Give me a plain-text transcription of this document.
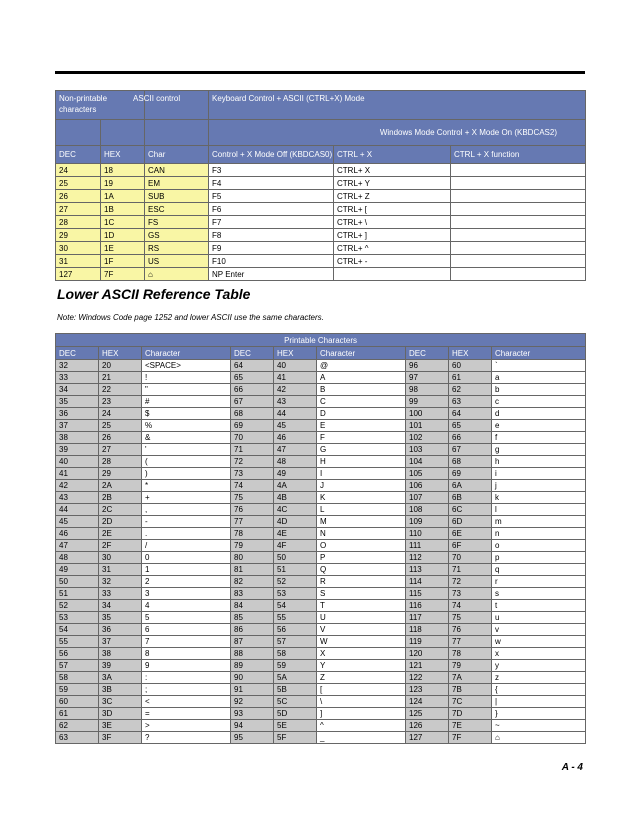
Non-printable characters		ASCII control	Keyboard Control + ASCII (CTRL+X) Mode		
			Windows Mode Control + X Mode On (KBDCAS2)		
DEC	HEX	Char	Control + X Mode Off (KBDCAS0)	CTRL + X	CTRL + X function
24	18	CAN	F3	CTRL+ X	
25	19	EM	F4	CTRL+ Y	
26	1A	SUB	F5	CTRL+ Z	
27	1B	ESC	F6	CTRL+ [	
28	1C	FS	F7	CTRL+ \	
29	1D	GS	F8	CTRL+ ]	
30	1E	RS	F9	CTRL+ ^	
31	1F	US	F10	CTRL+ -	
127	7F	⌂	NP Enter		
Lower ASCII Reference Table
Note: Windows Code page 1252 and lower ASCII use the same characters.
Printable Characters								
DEC	HEX	Character	DEC	HEX	Character	DEC	HEX	Character
32	20	<SPACE>	64	40	@	96	60	`
33	21	!	65	41	A	97	61	a
34	22	"	66	42	B	98	62	b
35	23	#	67	43	C	99	63	c
36	24	$	68	44	D	100	64	d
37	25	%	69	45	E	101	65	e
38	26	&	70	46	F	102	66	f
39	27	'	71	47	G	103	67	g
40	28	(	72	48	H	104	68	h
41	29	)	73	49	I	105	69	i
42	2A	*	74	4A	J	106	6A	j
43	2B	+	75	4B	K	107	6B	k
44	2C	,	76	4C	L	108	6C	l
45	2D	-	77	4D	M	109	6D	m
46	2E	.	78	4E	N	110	6E	n
47	2F	/	79	4F	O	111	6F	o
48	30	0	80	50	P	112	70	p
49	31	1	81	51	Q	113	71	q
50	32	2	82	52	R	114	72	r
51	33	3	83	53	S	115	73	s
52	34	4	84	54	T	116	74	t
53	35	5	85	55	U	117	75	u
54	36	6	86	56	V	118	76	v
55	37	7	87	57	W	119	77	w
56	38	8	88	58	X	120	78	x
57	39	9	89	59	Y	121	79	y
58	3A	:	90	5A	Z	122	7A	z
59	3B	;	91	5B	[	123	7B	{
60	3C	<	92	5C	\	124	7C	|
61	3D	=	93	5D	]	125	7D	}
62	3E	>	94	5E	^	126	7E	~
63	3F	?	95	5F	_	127	7F	⌂
A - 4
